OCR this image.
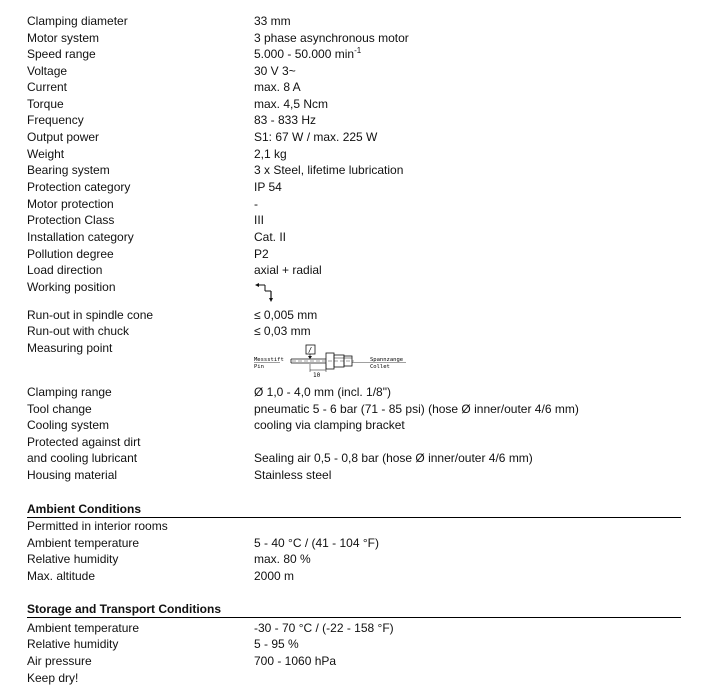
Clamping diameter	33 mm
Motor system	3 phase asynchronous motor
Speed range	5.000 - 50.000 $\min^{-1}$
Voltage	30 V 3~
Current	max. 8 A
Torque	max. 4,5 Ncm
Frequency	83 - 833 Hz
Output power	S1: 67 W / max. 225 W
Weight	2,1 kg
Bearing system	3 x Steel, lifetime lubrication
Protection category	IP 54
Motor protection	-
Protection Class	III
Installation category	Cat. II
Pollution degree	P2
Load direction	axial + radial
Working position
Run-out in spindle cone	≤ 0,005 mm
Run-out with chuck	≤ 0,03 mm
Measuring point	/
10
Messstift
Pin
Spannzange
Collet
Clamping range	Ø 1,0 - 4,0 mm (incl. 1/8")
Tool change	pneumatic 5 - 6 bar (71 - 85 psi) (hose Ø inner/outer 4/6 mm)
Cooling system	cooling via clamping bracket
Protected against dirt
and cooling lubricant	Sealing air 0,5 - 0,8 bar (hose Ø inner/outer 4/6 mm)
Housing material	Stainless steel
Ambient Conditions
Permitted in interior rooms
Ambient temperature	5 - 40 °C / (41 - 104 °F)
Relative humidity	max. 80 %
Max. altitude	2000 m
Storage and Transport Conditions
Ambient temperature	-30 - 70 °C / (-22 - 158 °F)
Relative humidity	5 - 95 %
Air pressure	700 - 1060 hPa
Keep dry!
